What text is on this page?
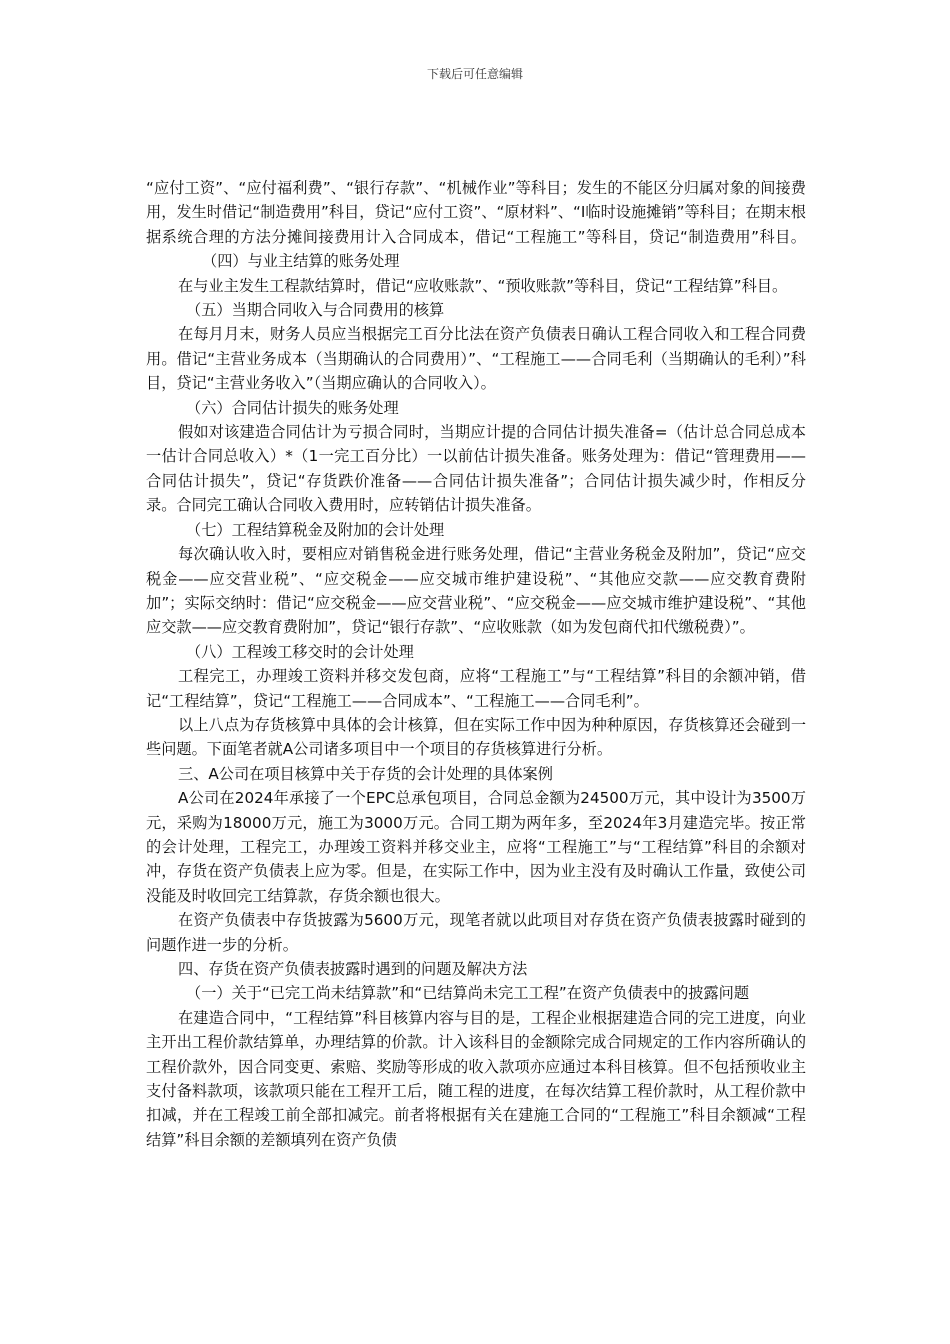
下载后可任意编辑

“应付工资”、“应付福利费”、“银行存款”、“机械作业”等科目；发生的不能区分归属对象的间接费用，发生时借记“制造费用”科目，贷记“应付工资”、“原材料”、“Ⅰ临时设施摊销”等科目；在期末根据系统合理的方法分摊间接费用计入合同成本，借记“工程施工”等科目，贷记“制造费用”科目。（四）与业主结算的账务处理

在与业主发生工程款结算时，借记“应收账款”、“预收账款”等科目，贷记“工程结算”科目。

（五）当期合同收入与合同费用的核算

在每月月末，财务人员应当根据完工百分比法在资产负债表日确认工程合同收入和工程合同费用。借记“主营业务成本（当期确认的合同费用）”、“工程施工——合同毛利（当期确认的毛利）”科目，贷记“主营业务收入”（当期应确认的合同收入）。

（六）合同估计损失的账务处理

假如对该建造合同估计为亏损合同时，当期应计提的合同估计损失准备=（估计总合同总成本一估计合同总收入）*（1一完工百分比）一以前估计损失准备。账务处理为：借记“管理费用——合同估计损失”，贷记“存货跌价准备——合同估计损失准备”；合同估计损失减少时，作相反分录。合同完工确认合同收入费用时，应转销估计损失准备。

（七）工程结算税金及附加的会计处理

每次确认收入时，要相应对销售税金进行账务处理，借记“主营业务税金及附加”，贷记“应交税金——应交营业税”、“应交税金——应交城市维护建设税”、“其他应交款——应交教育费附加”；实际交纳时：借记“应交税金——应交营业税”、“应交税金——应交城市维护建设税”、“其他应交款——应交教育费附加”，贷记“银行存款”、“应收账款（如为发包商代扣代缴税费）”。

（八）工程竣工移交时的会计处理

工程完工，办理竣工资料并移交发包商，应将“工程施工”与“工程结算”科目的余额冲销，借记“工程结算”，贷记“工程施工——合同成本”、“工程施工——合同毛利”。

以上八点为存货核算中具体的会计核算，但在实际工作中因为种种原因，存货核算还会碰到一些问题。下面笔者就A公司诸多项目中一个项目的存货核算进行分析。

三、A公司在项目核算中关于存货的会计处理的具体案例

A公司在2024年承接了一个EPC总承包项目，合同总金额为24500万元，其中设计为3500万元，采购为18000万元，施工为3000万元。合同工期为两年多，至2024年3月建造完毕。按正常的会计处理，工程完工，办理竣工资料并移交业主，应将“工程施工”与“工程结算”科目的余额对冲，存货在资产负债表上应为零。但是，在实际工作中，因为业主没有及时确认工作量，致使公司没能及时收回完工结算款，存货余额也很大。

在资产负债表中存货披露为5600万元，现笔者就以此项目对存货在资产负债表披露时碰到的问题作进一步的分析。

四、存货在资产负债表披露时遇到的问题及解决方法

（一）关于“已完工尚未结算款”和“已结算尚未完工工程”在资产负债表中的披露问题

在建造合同中，“工程结算”科目核算内容与目的是，工程企业根据建造合同的完工进度，向业主开出工程价款结算单，办理结算的价款。计入该科目的金额除完成合同规定的工作内容所确认的工程价款外，因合同变更、索赔、奖励等形成的收入款项亦应通过本科目核算。但不包括预收业主支付备料款项，该款项只能在工程开工后，随工程的进度，在每次结算工程价款时，从工程价款中扣减，并在工程竣工前全部扣减完。前者将根据有关在建施工合同的“工程施工”科目余额减“工程结算”科目余额的差额填列在资产负债
